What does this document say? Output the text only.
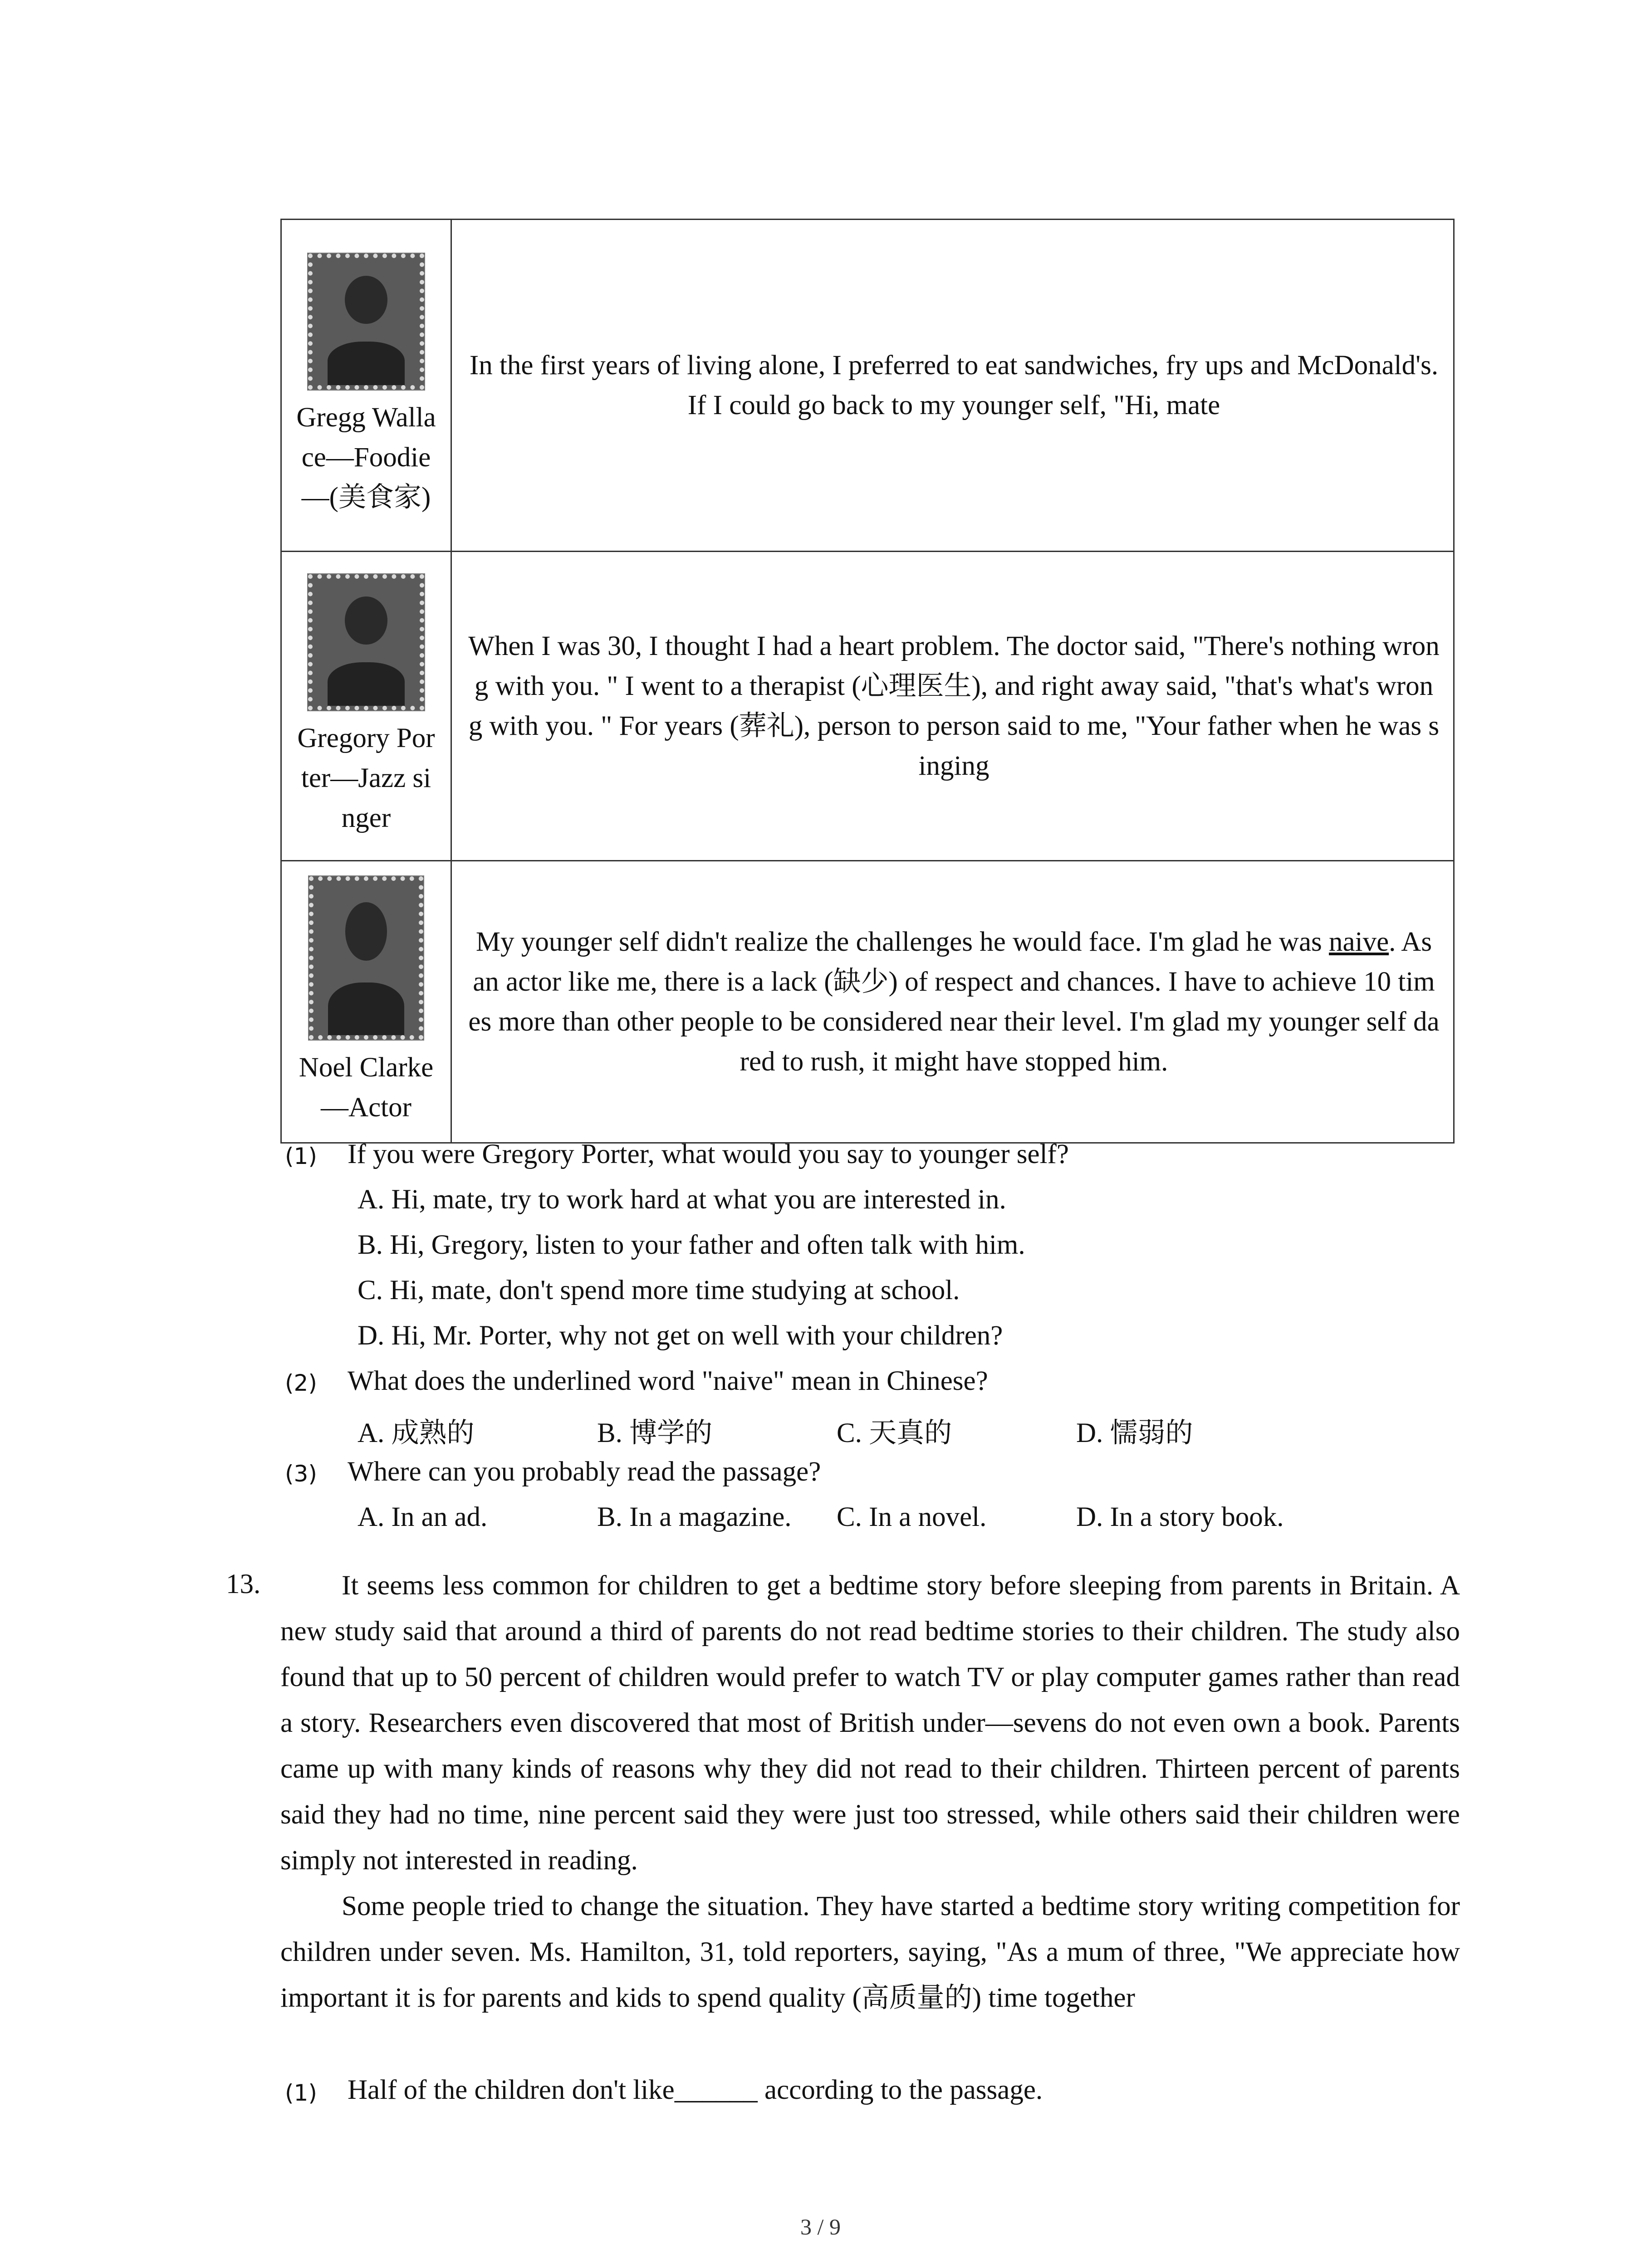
Gregg Wallace—Foodie—(美食家)	In the first years of living alone, I preferred to eat sandwiches, fry ups and McDonald's. If I could go back to my younger self, "Hi, mate

Gregory Porter—Jazz singer	When I was 30, I thought I had a heart problem. The doctor said, "There's nothing wrong with you. " I went to a therapist (心理医生), and right away said, "that's what's wrong with you. " For years (葬礼), person to person said to me, "Your father when he was singing

Noel Clarke—Actor	My younger self didn't realize the challenges he would face. I'm glad he was naive. As an actor like me, there is a lack (缺少) of respect and chances. I have to achieve 10 times more than other people to be considered near their level. I'm glad my younger self dared to rush, it might have stopped him.
(1) If you were Gregory Porter, what would you say to younger self?
A. Hi, mate, try to work hard at what you are interested in.
B. Hi, Gregory, listen to your father and often talk with him.
C. Hi, mate, don't spend more time studying at school.
D. Hi, Mr. Porter, why not get on well with your children?
(2) What does the underlined word "naive" mean in Chinese?
A. 成熟的	B. 博学的	C. 天真的	D. 懦弱的
(3) Where can you probably read the passage?
A. In an ad.	B. In a magazine. C. In a novel.	D. In a story book.
13.	It seems less common for children to get a bedtime story before sleeping from parents in Britain. A new study said that around a third of parents do not read bedtime stories to their children. The study also found that up to 50 percent of children would prefer to watch TV or play computer games rather than read a story. Researchers even discovered that most of British under—sevens do not even own a book. Parents came up with many kinds of reasons why they did not read to their children. Thirteen percent of parents said they had no time, nine percent said they were just too stressed, while others said their children were simply not interested in reading.

Some people tried to change the situation. They have started a bedtime story writing competition for children under seven. Ms. Hamilton, 31, told reporters, saying, "As a mum of three, "We appreciate how important it is for parents and kids to spend quality (高质量的) time together

(1) Half of the children don't like______ according to the passage.
3 / 9
